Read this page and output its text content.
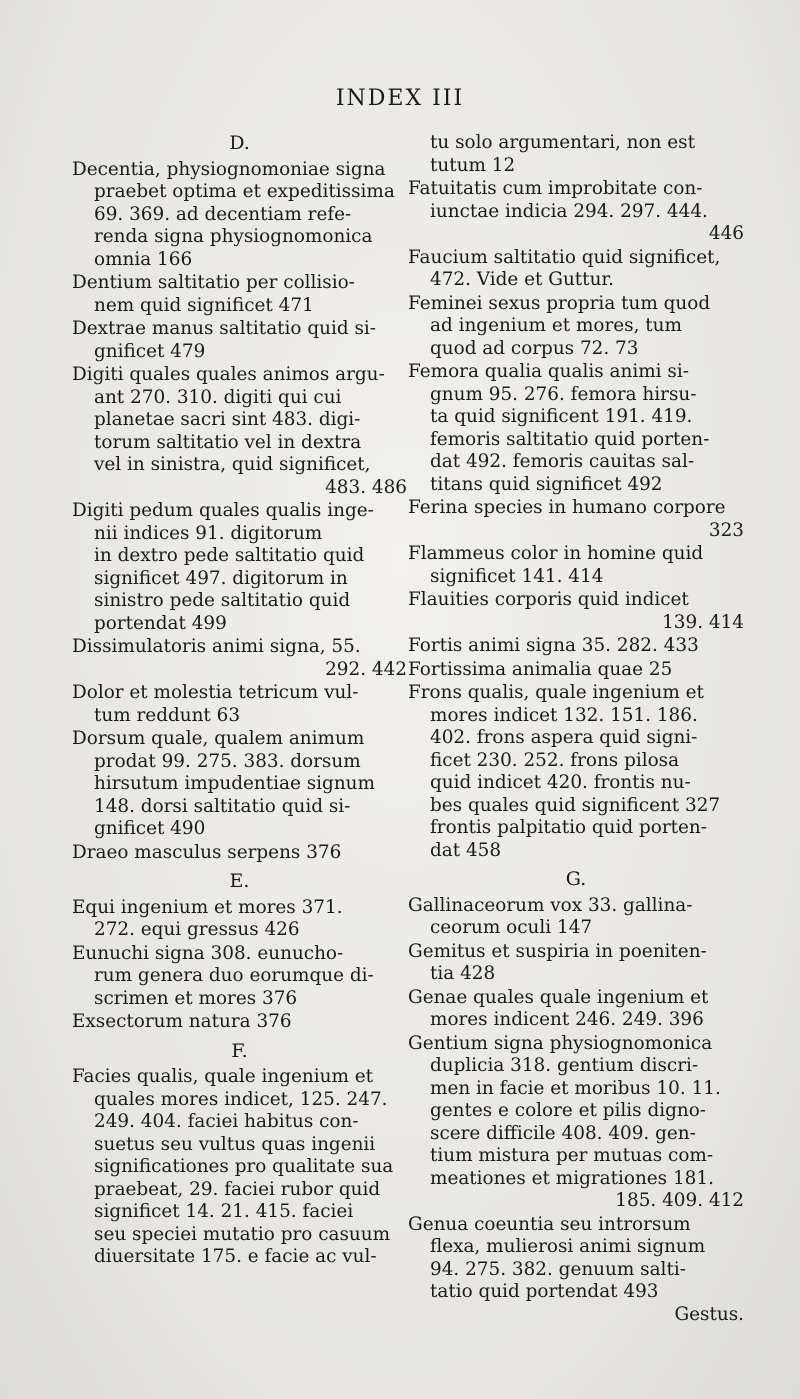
INDEX III
D.
Decentia, physiognomoniae signa
praebet optima et expeditissima
69. 369. ad decentiam refe-
renda signa physiognomonica
omnia 166
Dentium saltitatio per collisio-
nem quid significet 471
Dextrae manus saltitatio quid si-
gnificet 479
Digiti quales quales animos argu-
ant 270. 310. digiti qui cui
planetae sacri sint 483. digi-
torum saltitatio vel in dextra
vel in sinistra, quid significet,
483. 486
Digiti pedum quales qualis inge-
nii indices 91. digitorum
in dextro pede saltitatio quid
significet 497. digitorum in
sinistro pede saltitatio quid
portendat 499
Dissimulatoris animi signa, 55.
292. 442
Dolor et molestia tetricum vul-
tum reddunt 63
Dorsum quale, qualem animum
prodat 99. 275. 383. dorsum
hirsutum impudentiae signum
148. dorsi saltitatio quid si-
gnificet 490
Draeo masculus serpens 376
E.
Equi ingenium et mores 371.
272. equi gressus 426
Eunuchi signa 308. eunucho-
rum genera duo eorumque di-
scrimen et mores 376
Exsectorum natura 376
F.
Facies qualis, quale ingenium et
quales mores indicet, 125. 247.
249. 404. faciei habitus con-
suetus seu vultus quas ingenii
significationes pro qualitate sua
praebeat, 29. faciei rubor quid
significet 14. 21. 415. faciei
seu speciei mutatio pro casuum
diuersitate 175. e facie ac vul-
tu solo argumentari, non est
tutum 12
Fatuitatis cum improbitate con-
iunctae indicia 294. 297. 444.
446
Faucium saltitatio quid significet,
472. Vide et Guttur.
Feminei sexus propria tum quod
ad ingenium et mores, tum
quod ad corpus 72. 73
Femora qualia qualis animi si-
gnum 95. 276. femora hirsu-
ta quid significent 191. 419.
femoris saltitatio quid porten-
dat 492. femoris cauitas sal-
titans quid significet 492
Ferina species in humano corpore
323
Flammeus color in homine quid
significet 141. 414
Flauities corporis quid indicet
139. 414
Fortis animi signa 35. 282. 433
Fortissima animalia quae 25
Frons qualis, quale ingenium et
mores indicet 132. 151. 186.
402. frons aspera quid signi-
ficet 230. 252. frons pilosa
quid indicet 420. frontis nu-
bes quales quid significent 327
frontis palpitatio quid porten-
dat 458
G.
Gallinaceorum vox 33. gallina-
ceorum oculi 147
Gemitus et suspiria in poeniten-
tia 428
Genae quales quale ingenium et
mores indicent 246. 249. 396
Gentium signa physiognomonica
duplicia 318. gentium discri-
men in facie et moribus 10. 11.
gentes e colore et pilis digno-
scere difficile 408. 409. gen-
tium mistura per mutuas com-
meationes et migrationes 181.
185. 409. 412
Genua coeuntia seu introrsum
flexa, mulierosi animi signum
94. 275. 382. genuum salti-
tatio quid portendat 493
Gestus.
